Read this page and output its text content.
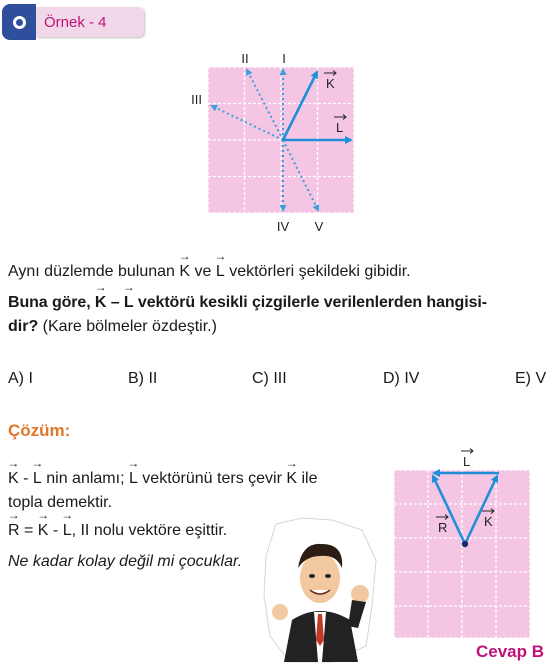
Örnek - 4
I
II
III
IV V
K
L
L
R	K
Aynı düzlemde bulunan → K ve → L vektörleri şekildeki gibidir.
Buna göre, → K – → L vektörü kesikli çizgilerle verilenlerden hangisi-
dir? (Kare bölmeler özdeştir.)
A) I	B) II	C) III	D) IV	E) V
Çözüm:
→ K - → L nin anlamı; → L vektörünü ters çevir → K ile
topla demektir.
→ R = → K - → L, II nolu vektöre eşittir.
Ne kadar kolay değil mi çocuklar.
Cevap B
